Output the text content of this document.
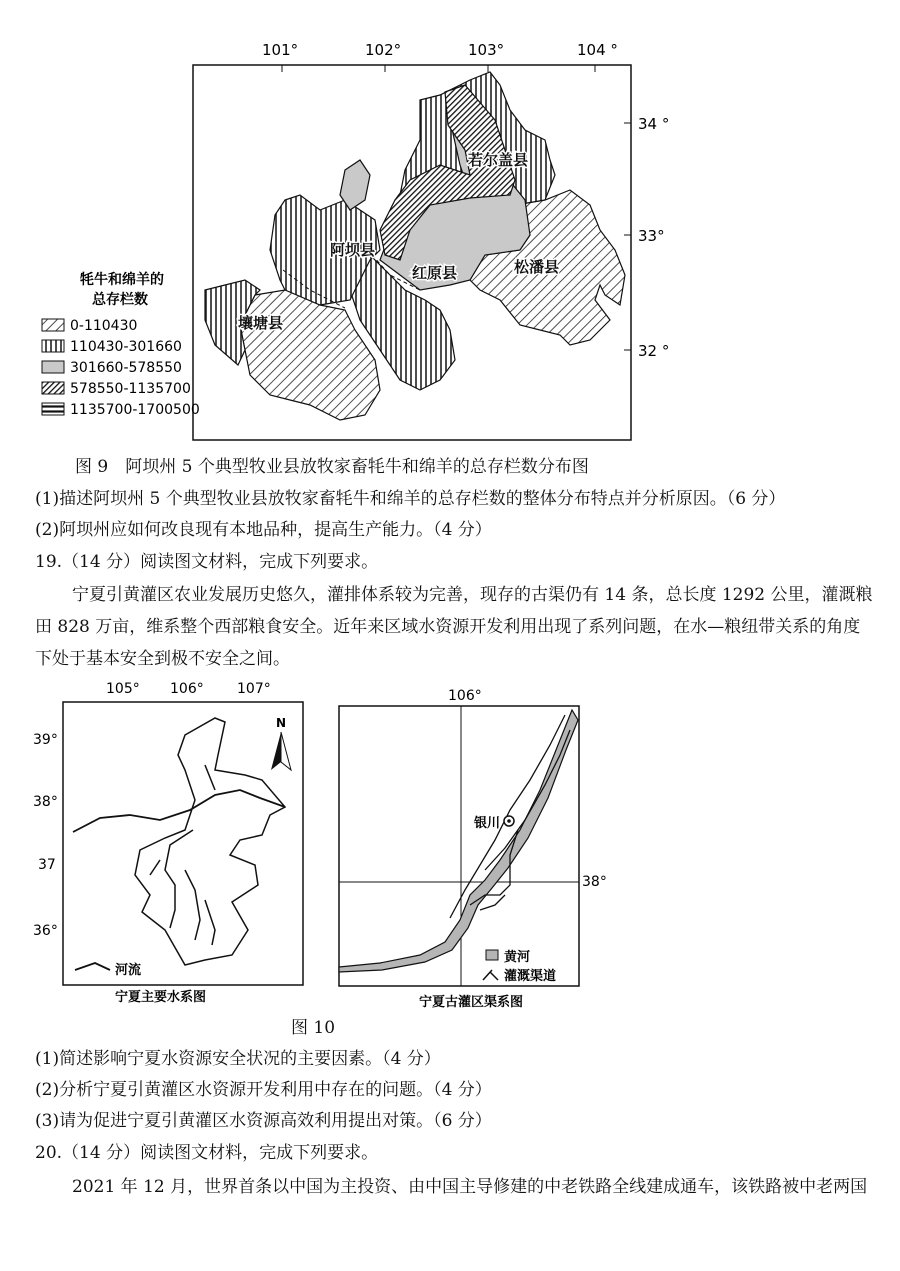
101°	102°	103°	104 °
34 °
33°
32 °
若尔盖县
阿坝县
红原县	松潘县
壤塘县
牦牛和绵羊的
总存栏数
0-110430
110430-301660
301660-578550
578550-1135700
1135700-1700500
图 9　阿坝州 5 个典型牧业县放牧家畜牦牛和绵羊的总存栏数分布图
(1)描述阿坝州 5 个典型牧业县放牧家畜牦牛和绵羊的总存栏数的整体分布特点并分析原因。（6 分）
(2)阿坝州应如何改良现有本地品种，提高生产能力。（4 分）
19.（14 分）阅读图文材料，完成下列要求。
宁夏引黄灌区农业发展历史悠久，灌排体系较为完善，现存的古渠仍有 14 条，总长度 1292 公里，灌溉粮
田 828 万亩，维系整个西部粮食安全。近年来区域水资源开发利用出现了系列问题，在水—粮纽带关系的角度
下处于基本安全到极不安全之间。
105° 106° 107°
39°
38°
37
36°
N
河流
宁夏主要水系图
106°
38°
银川
黄河
灌溉渠道
宁夏古灌区渠系图
图 10
(1)简述影响宁夏水资源安全状况的主要因素。（4 分）
(2)分析宁夏引黄灌区水资源开发利用中存在的问题。（4 分）
(3)请为促进宁夏引黄灌区水资源高效利用提出对策。（6 分）
20.（14 分）阅读图文材料，完成下列要求。
2021 年 12 月，世界首条以中国为主投资、由中国主导修建的中老铁路全线建成通车，该铁路被中老两国
